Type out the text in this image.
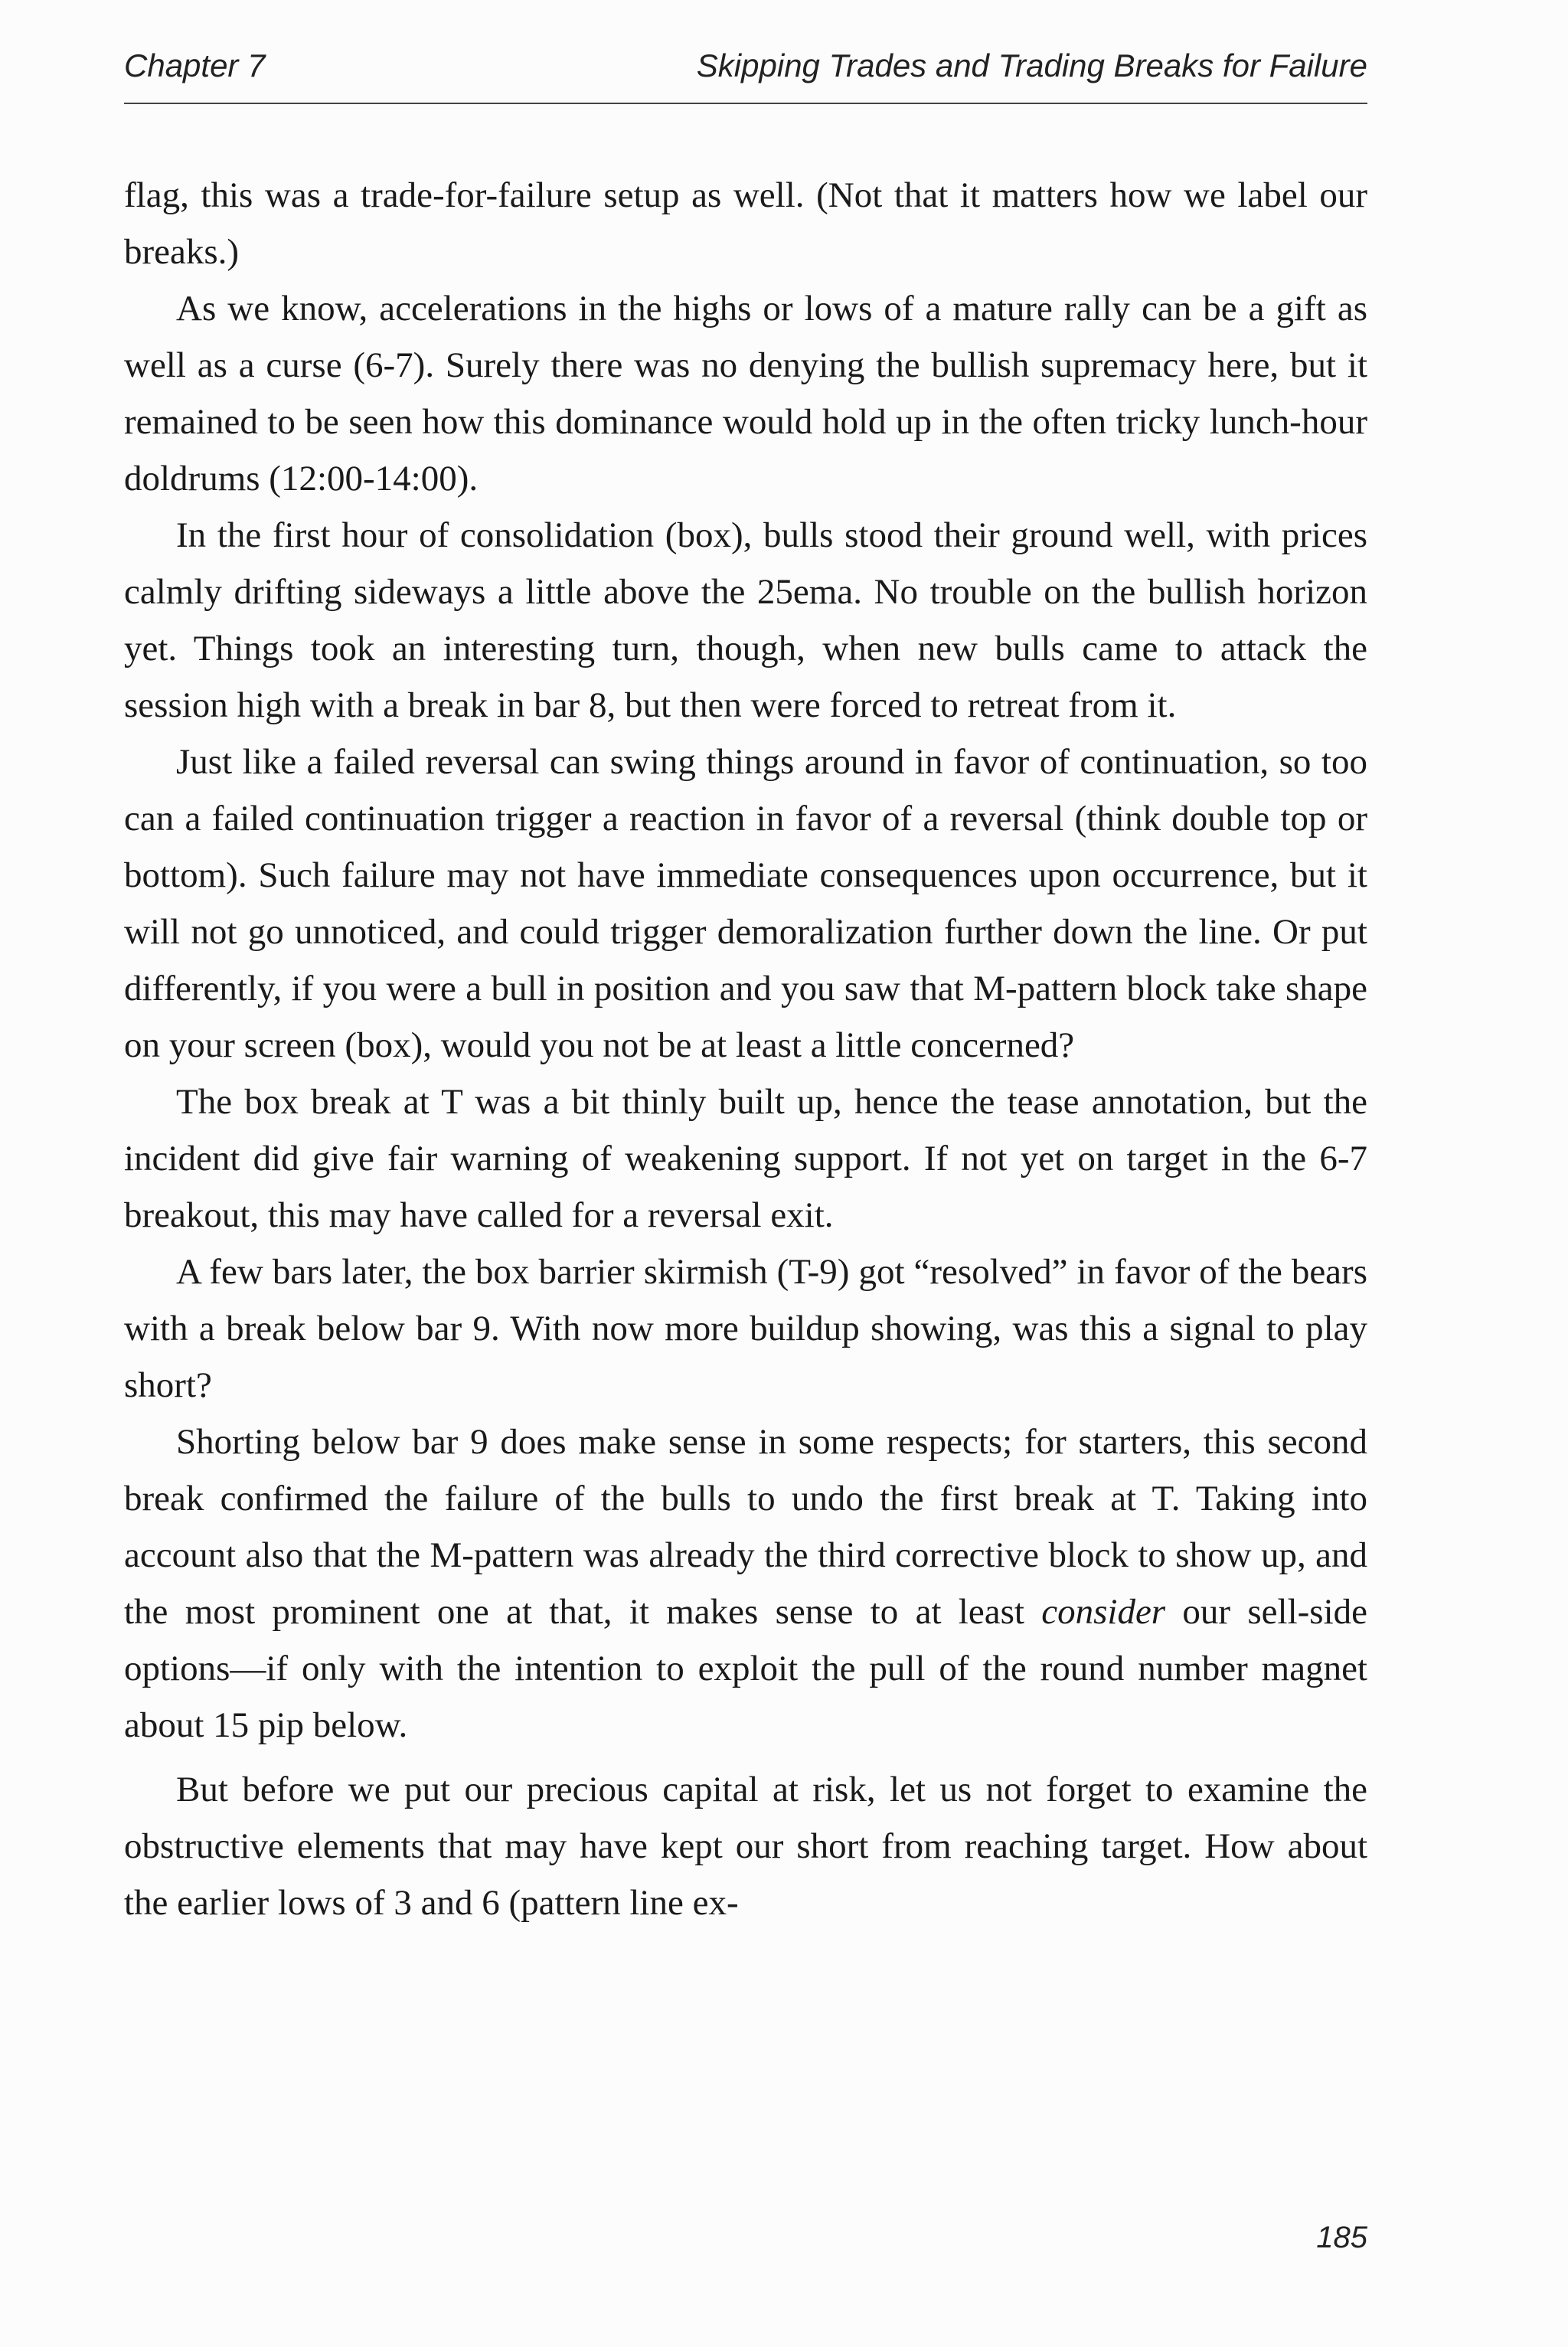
Chapter 7	Skipping Trades and Trading Breaks for Failure

flag, this was a trade-for-failure setup as well. (Not that it matters how we label our breaks.)

As we know, accelerations in the highs or lows of a mature rally can be a gift as well as a curse (6-7). Surely there was no denying the bullish supremacy here, but it remained to be seen how this dominance would hold up in the often tricky lunch-hour doldrums (12:00-14:00).

In the first hour of consolidation (box), bulls stood their ground well, with prices calmly drifting sideways a little above the 25ema. No trouble on the bullish horizon yet. Things took an interesting turn, though, when new bulls came to attack the session high with a break in bar 8, but then were forced to retreat from it.

Just like a failed reversal can swing things around in favor of continuation, so too can a failed continuation trigger a reaction in favor of a reversal (think double top or bottom). Such failure may not have immediate consequences upon occurrence, but it will not go unnoticed, and could trigger demoralization further down the line. Or put differently, if you were a bull in position and you saw that M-pattern block take shape on your screen (box), would you not be at least a little concerned?

The box break at T was a bit thinly built up, hence the tease annotation, but the incident did give fair warning of weakening support. If not yet on target in the 6-7 breakout, this may have called for a reversal exit.

A few bars later, the box barrier skirmish (T-9) got “resolved” in favor of the bears with a break below bar 9. With now more buildup showing, was this a signal to play short?

Shorting below bar 9 does make sense in some respects; for starters, this second break confirmed the failure of the bulls to undo the first break at T. Taking into account also that the M-pattern was already the third corrective block to show up, and the most prominent one at that, it makes sense to at least consider our sell-side options—if only with the intention to exploit the pull of the round number magnet about 15 pip below.

But before we put our precious capital at risk, let us not forget to examine the obstructive elements that may have kept our short from reaching target. How about the earlier lows of 3 and 6 (pattern line ex-

185
